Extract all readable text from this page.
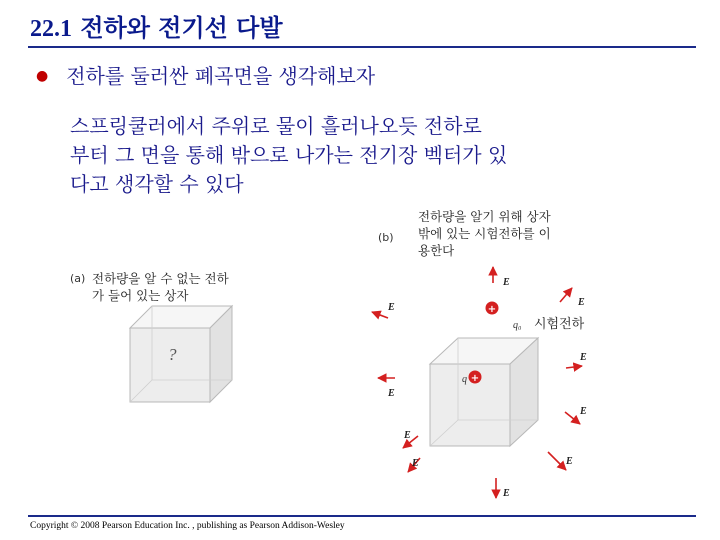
22.1 전하와 전기선 다발
● 전하를 둘러싼 폐곡면을 생각해보자
스프링쿨러에서 주위로 물이 흘러나오듯 전하로
부터 그 면을 통해 밖으로 나가는 전기장 벡터가 있
다고 생각할 수 있다
?
E
E
E
E
E
E
E
E
E
E
+
q₀
q +
(b)
전하량을 알기 위해 상자
밖에 있는 시험전하를 이
용한다
(a) 전하량을 알 수 없는 전하
가 들어 있는 상자
시험전하
Copyright © 2008 Pearson Education Inc. , publishing as Pearson Addison-Wesley
